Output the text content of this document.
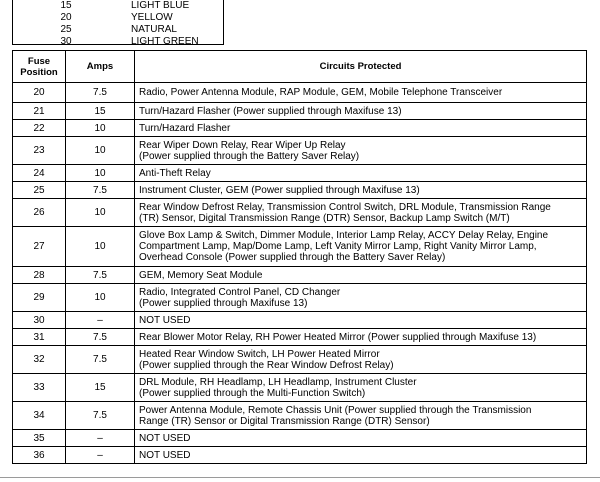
15	LIGHT BLUE
20	YELLOW
25	NATURAL
30	LIGHT GREEN
Fuse
Position	Amps	Circuits Protected
20	7.5	Radio, Power Antenna Module, RAP Module, GEM, Mobile Telephone Transceiver

21	15	Turn/Hazard Flasher (Power supplied through Maxifuse 13)

22	10	Turn/Hazard Flasher

23	10	Rear Wiper Down Relay, Rear Wiper Up Relay
(Power supplied through the Battery Saver Relay)

24	10	Anti-Theft Relay

25	7.5	Instrument Cluster, GEM (Power supplied through Maxifuse 13)

26	10	Rear Window Defrost Relay, Transmission Control Switch, DRL Module, Transmission Range
(TR) Sensor, Digital Transmission Range (DTR) Sensor, Backup Lamp Switch (M/T)

27	10	Glove Box Lamp & Switch, Dimmer Module, Interior Lamp Relay, ACCY Delay Relay, Engine
Compartment Lamp, Map/Dome Lamp, Left Vanity Mirror Lamp, Right Vanity Mirror Lamp,
Overhead Console (Power supplied through the Battery Saver Relay)

28	7.5	GEM, Memory Seat Module

29	10	Radio, Integrated Control Panel, CD Changer
(Power supplied through Maxifuse 13)

30	–	NOT USED

31	7.5	Rear Blower Motor Relay, RH Power Heated Mirror (Power supplied through Maxifuse 13)

32	7.5	Heated Rear Window Switch, LH Power Heated Mirror
(Power supplied through the Rear Window Defrost Relay)

33	15	DRL Module, RH Headlamp, LH Headlamp, Instrument Cluster
(Power supplied through the Multi-Function Switch)

34	7.5	Power Antenna Module, Remote Chassis Unit (Power supplied through the Transmission
Range (TR) Sensor or Digital Transmission Range (DTR) Sensor)

35	–	NOT USED

36	–	NOT USED
